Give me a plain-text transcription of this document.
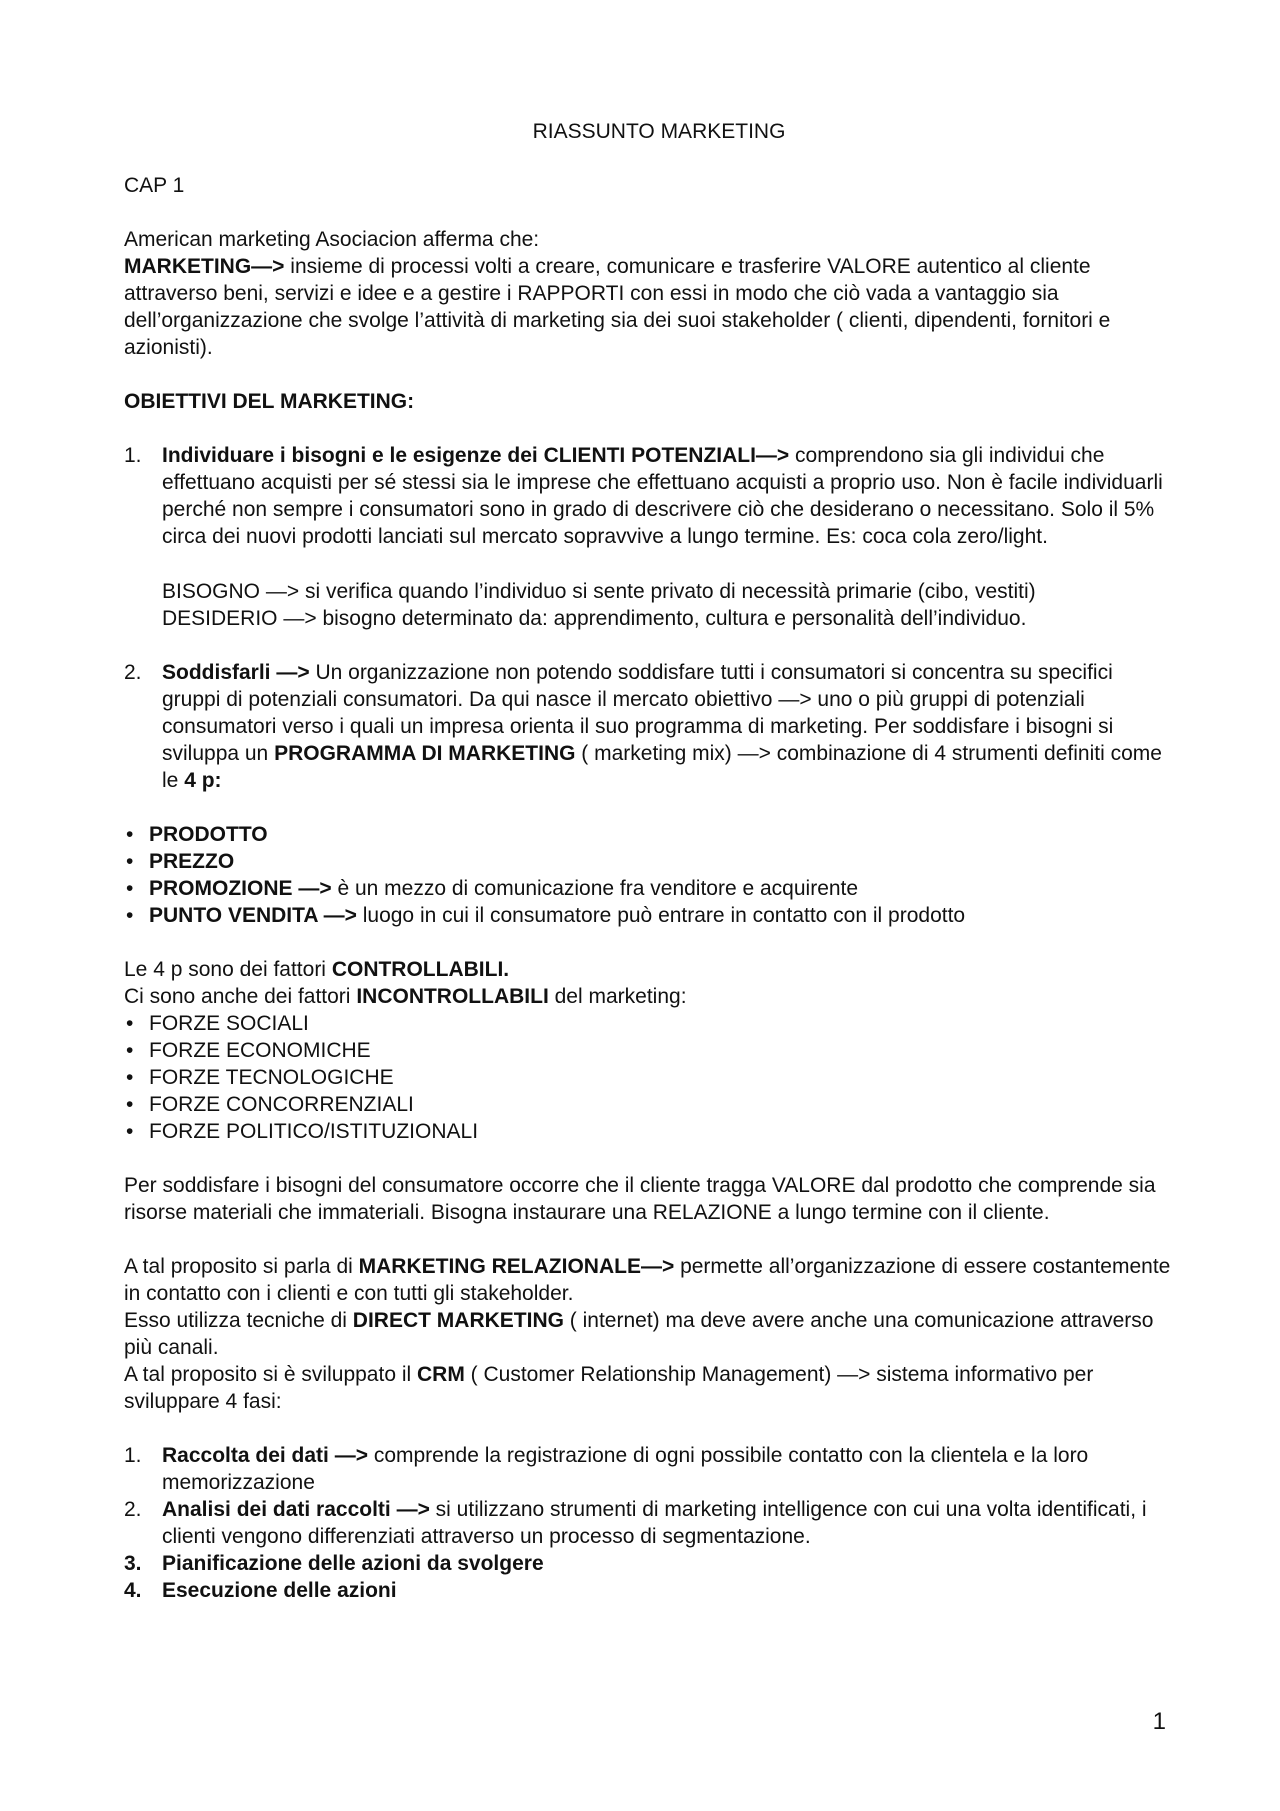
RIASSUNTO MARKETING
CAP 1
American marketing Asociacion afferma che:
MARKETING—> insieme di processi volti a creare, comunicare e trasferire VALORE autentico al cliente attraverso beni, servizi e idee e a gestire i RAPPORTI con essi in modo che ciò vada a vantaggio sia dell’organizzazione che svolge l’attività di marketing sia dei suoi stakeholder ( clienti, dipendenti, fornitori e azionisti).
OBIETTIVI DEL MARKETING:
1. Individuare i bisogni e le esigenze dei CLIENTI POTENZIALI—> comprendono sia gli individui che effettuano acquisti per sé stessi sia le imprese che effettuano acquisti a proprio uso. Non è facile individuarli perché non sempre i consumatori sono in grado di descrivere ciò che desiderano o necessitano. Solo il 5% circa dei nuovi prodotti lanciati sul mercato sopravvive a lungo termine. Es: coca cola zero/light.
BISOGNO —> si verifica quando l’individuo si sente privato di necessità primarie (cibo, vestiti)
DESIDERIO —> bisogno determinato da: apprendimento, cultura e personalità dell’individuo.
2. Soddisfarli —> Un organizzazione non potendo soddisfare tutti i consumatori si concentra su specifici gruppi di potenziali consumatori. Da qui nasce il mercato obiettivo —> uno o più gruppi di potenziali consumatori verso i quali un impresa orienta il suo programma di marketing. Per soddisfare i bisogni si sviluppa un PROGRAMMA DI MARKETING ( marketing mix) —> combinazione di 4 strumenti definiti come le 4 p:
• PRODOTTO
• PREZZO
• PROMOZIONE —> è un mezzo di comunicazione fra venditore e acquirente
• PUNTO VENDITA —> luogo in cui il consumatore può entrare in contatto con il prodotto
Le 4 p sono dei fattori CONTROLLABILI.
Ci sono anche dei fattori INCONTROLLABILI del marketing:
• FORZE SOCIALI
• FORZE ECONOMICHE
• FORZE TECNOLOGICHE
• FORZE CONCORRENZIALI
• FORZE POLITICO/ISTITUZIONALI
Per soddisfare i bisogni del consumatore occorre che il cliente tragga VALORE dal prodotto che comprende sia risorse materiali che immateriali. Bisogna instaurare una RELAZIONE a lungo termine con il cliente.
A tal proposito si parla di MARKETING RELAZIONALE—> permette all’organizzazione di essere costantemente in contatto con i clienti e con tutti gli stakeholder.
Esso utilizza tecniche di DIRECT MARKETING ( internet) ma deve avere anche una comunicazione attraverso più canali.
A tal proposito si è sviluppato il CRM ( Customer Relationship Management) —> sistema informativo per sviluppare 4 fasi:
1. Raccolta dei dati —> comprende la registrazione di ogni possibile contatto con la clientela e la loro memorizzazione
2. Analisi dei dati raccolti —> si utilizzano strumenti di marketing intelligence con cui una volta identificati, i clienti vengono differenziati attraverso un processo di segmentazione.
3. Pianificazione delle azioni da svolgere
4. Esecuzione delle azioni
1
